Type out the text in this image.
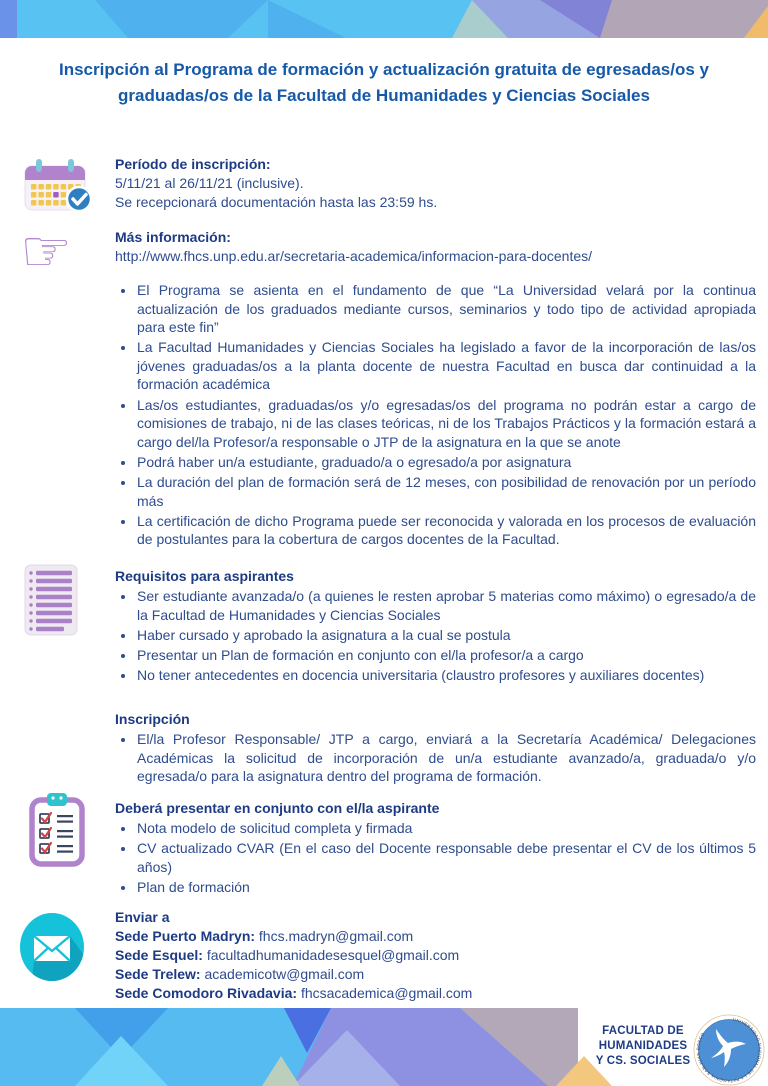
Inscripción al Programa de formación y actualización gratuita de egresadas/os y graduadas/os de la Facultad de Humanidades y Ciencias Sociales
Período de inscripción:
5/11/21 al 26/11/21 (inclusive).
Se recepcionará documentación hasta las 23:59 hs.
☞	Más información:
http://www.fhcs.unp.edu.ar/secretaria-academica/informacion-para-docentes/
• El Programa se asienta en el fundamento de que “La Universidad velará por la continua actualización de los graduados mediante cursos, seminarios y todo tipo de actividad apropiada para este fin”
• La Facultad Humanidades y Ciencias Sociales ha legislado a favor de la incorporación de las/os jóvenes graduadas/os a la planta docente de nuestra Facultad en busca dar continuidad a la formación académica
• Las/os estudiantes, graduadas/os y/o egresadas/os del programa no podrán estar a cargo de comisiones de trabajo, ni de las clases teóricas, ni de los Trabajos Prácticos y la formación estará a cargo del/la Profesor/a responsable o JTP de la asignatura en la que se anote
• Podrá haber un/a estudiante, graduado/a o egresado/a por asignatura
• La duración del plan de formación será de 12 meses, con posibilidad de renovación por un período más
• La certificación de dicho Programa puede ser reconocida y valorada en los procesos de evaluación de postulantes para la cobertura de cargos docentes de la Facultad.
Requisitos para aspirantes
• Ser estudiante avanzada/o (a quienes le resten aprobar 5 materias como máximo) o egresado/a de la Facultad de Humanidades y Ciencias Sociales
• Haber cursado y aprobado la asignatura a la cual se postula
• Presentar un Plan de formación en conjunto con el/la profesor/a a cargo
• No tener antecedentes en docencia universitaria (claustro profesores y auxiliares docentes)
Inscripción
• El/la Profesor Responsable/ JTP a cargo, enviará a la Secretaría Académica/ Delegaciones Académicas la solicitud de incorporación de un/a estudiante avanzado/a, graduada/o y/o egresada/o para la asignatura dentro del programa de formación.
Deberá presentar en conjunto con el/la aspirante
• Nota modelo de solicitud completa y firmada
• CV actualizado CVAR (En el caso del Docente responsable debe presentar el CV de los últimos 5 años)
• Plan de formación
Enviar a
Sede Puerto Madryn: fhcs.madryn@gmail.com
Sede Esquel: facultadhumanidadesesquel@gmail.com
Sede Trelew: academicotw@gmail.com
Sede Comodoro Rivadavia: fhcsacademica@gmail.com
FACULTAD DE
HUMANIDADES
Y CS. SOCIALES
UNIVERSIDAD NACIONAL DE LA PATAGONIA SAN JUAN BOSCO
